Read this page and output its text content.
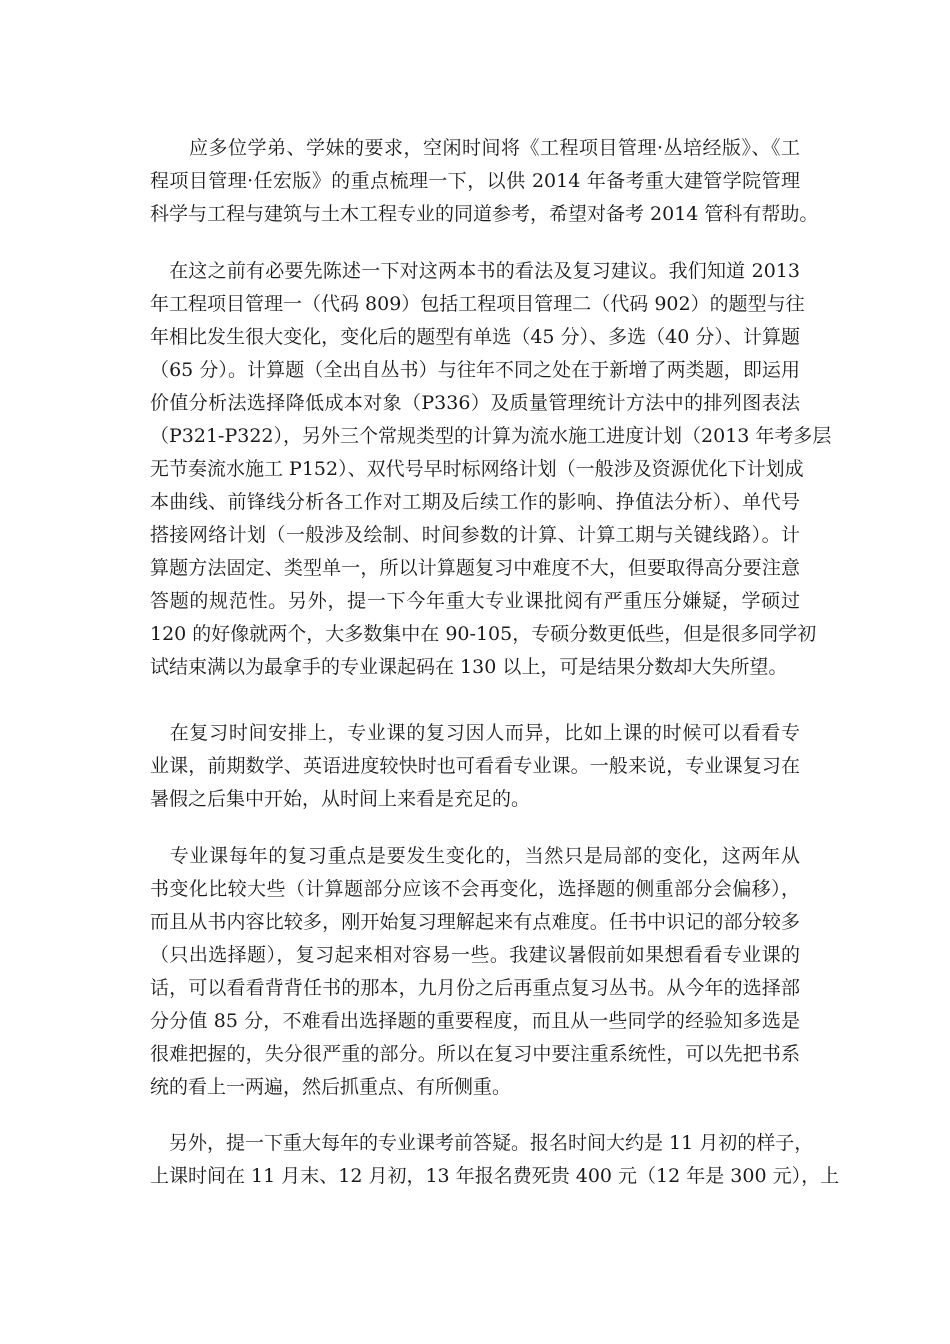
　　应多位学弟、学妹的要求，空闲时间将《工程项目管理·丛培经版》、《工
程项目管理·任宏版》的重点梳理一下，以供 2014 年备考重大建管学院管理
科学与工程与建筑与土木工程专业的同道参考，希望对备考 2014 管科有帮助。
　在这之前有必要先陈述一下对这两本书的看法及复习建议。我们知道 2013
年工程项目管理一（代码 809）包括工程项目管理二（代码 902）的题型与往
年相比发生很大变化，变化后的题型有单选（45 分）、多选（40 分）、计算题
（65 分）。计算题（全出自丛书）与往年不同之处在于新增了两类题，即运用
价值分析法选择降低成本对象（P336）及质量管理统计方法中的排列图表法
（P321-P322），另外三个常规类型的计算为流水施工进度计划（2013 年考多层
无节奏流水施工 P152）、双代号早时标网络计划（一般涉及资源优化下计划成
本曲线、前锋线分析各工作对工期及后续工作的影响、挣值法分析）、单代号
搭接网络计划（一般涉及绘制、时间参数的计算、计算工期与关键线路）。计
算题方法固定、类型单一，所以计算题复习中难度不大，但要取得高分要注意
答题的规范性。另外，提一下今年重大专业课批阅有严重压分嫌疑，学硕过
120 的好像就两个，大多数集中在 90-105，专硕分数更低些，但是很多同学初
试结束满以为最拿手的专业课起码在 130 以上，可是结果分数却大失所望。
　在复习时间安排上，专业课的复习因人而异，比如上课的时候可以看看专
业课，前期数学、英语进度较快时也可看看专业课。一般来说，专业课复习在
暑假之后集中开始，从时间上来看是充足的。
　专业课每年的复习重点是要发生变化的，当然只是局部的变化，这两年从
书变化比较大些（计算题部分应该不会再变化，选择题的侧重部分会偏移），
而且从书内容比较多，刚开始复习理解起来有点难度。任书中识记的部分较多
（只出选择题），复习起来相对容易一些。我建议暑假前如果想看看专业课的
话，可以看看背背任书的那本，九月份之后再重点复习丛书。从今年的选择部
分分值 85 分，不难看出选择题的重要程度，而且从一些同学的经验知多选是
很难把握的，失分很严重的部分。所以在复习中要注重系统性，可以先把书系
统的看上一两遍，然后抓重点、有所侧重。
　另外，提一下重大每年的专业课考前答疑。报名时间大约是 11 月初的样子，
上课时间在 11 月末、12 月初，13 年报名费死贵 400 元（12 年是 300 元），上
